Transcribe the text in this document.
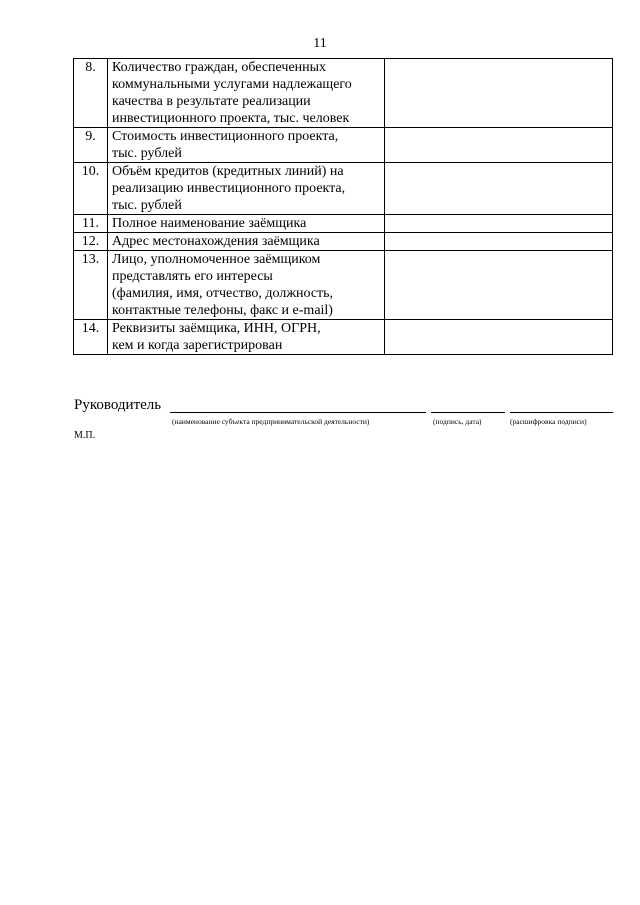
11
8.	Количество граждан, обеспеченных
коммунальными услугами надлежащего
качества в результате реализации
инвестиционного проекта, тыс. человек	

9.	Стоимость инвестиционного проекта,
тыс. рублей	

10.	Объём кредитов (кредитных линий) на
реализацию инвестиционного проекта,
тыс. рублей	

11.	Полное наименование заёмщика	

12.	Адрес местонахождения заёмщика	

13.	Лицо, уполномоченное заёмщиком
представлять его интересы
(фамилия, имя, отчество, должность,
контактные телефоны, факс и e-mail)	

14.	Реквизиты заёмщика, ИНН, ОГРН,
кем и когда зарегистрирован	

Руководитель
(наименование субъекта предпринимательской деятельности)	(подпись, дата)	(расшифровка подписи)
М.П.
